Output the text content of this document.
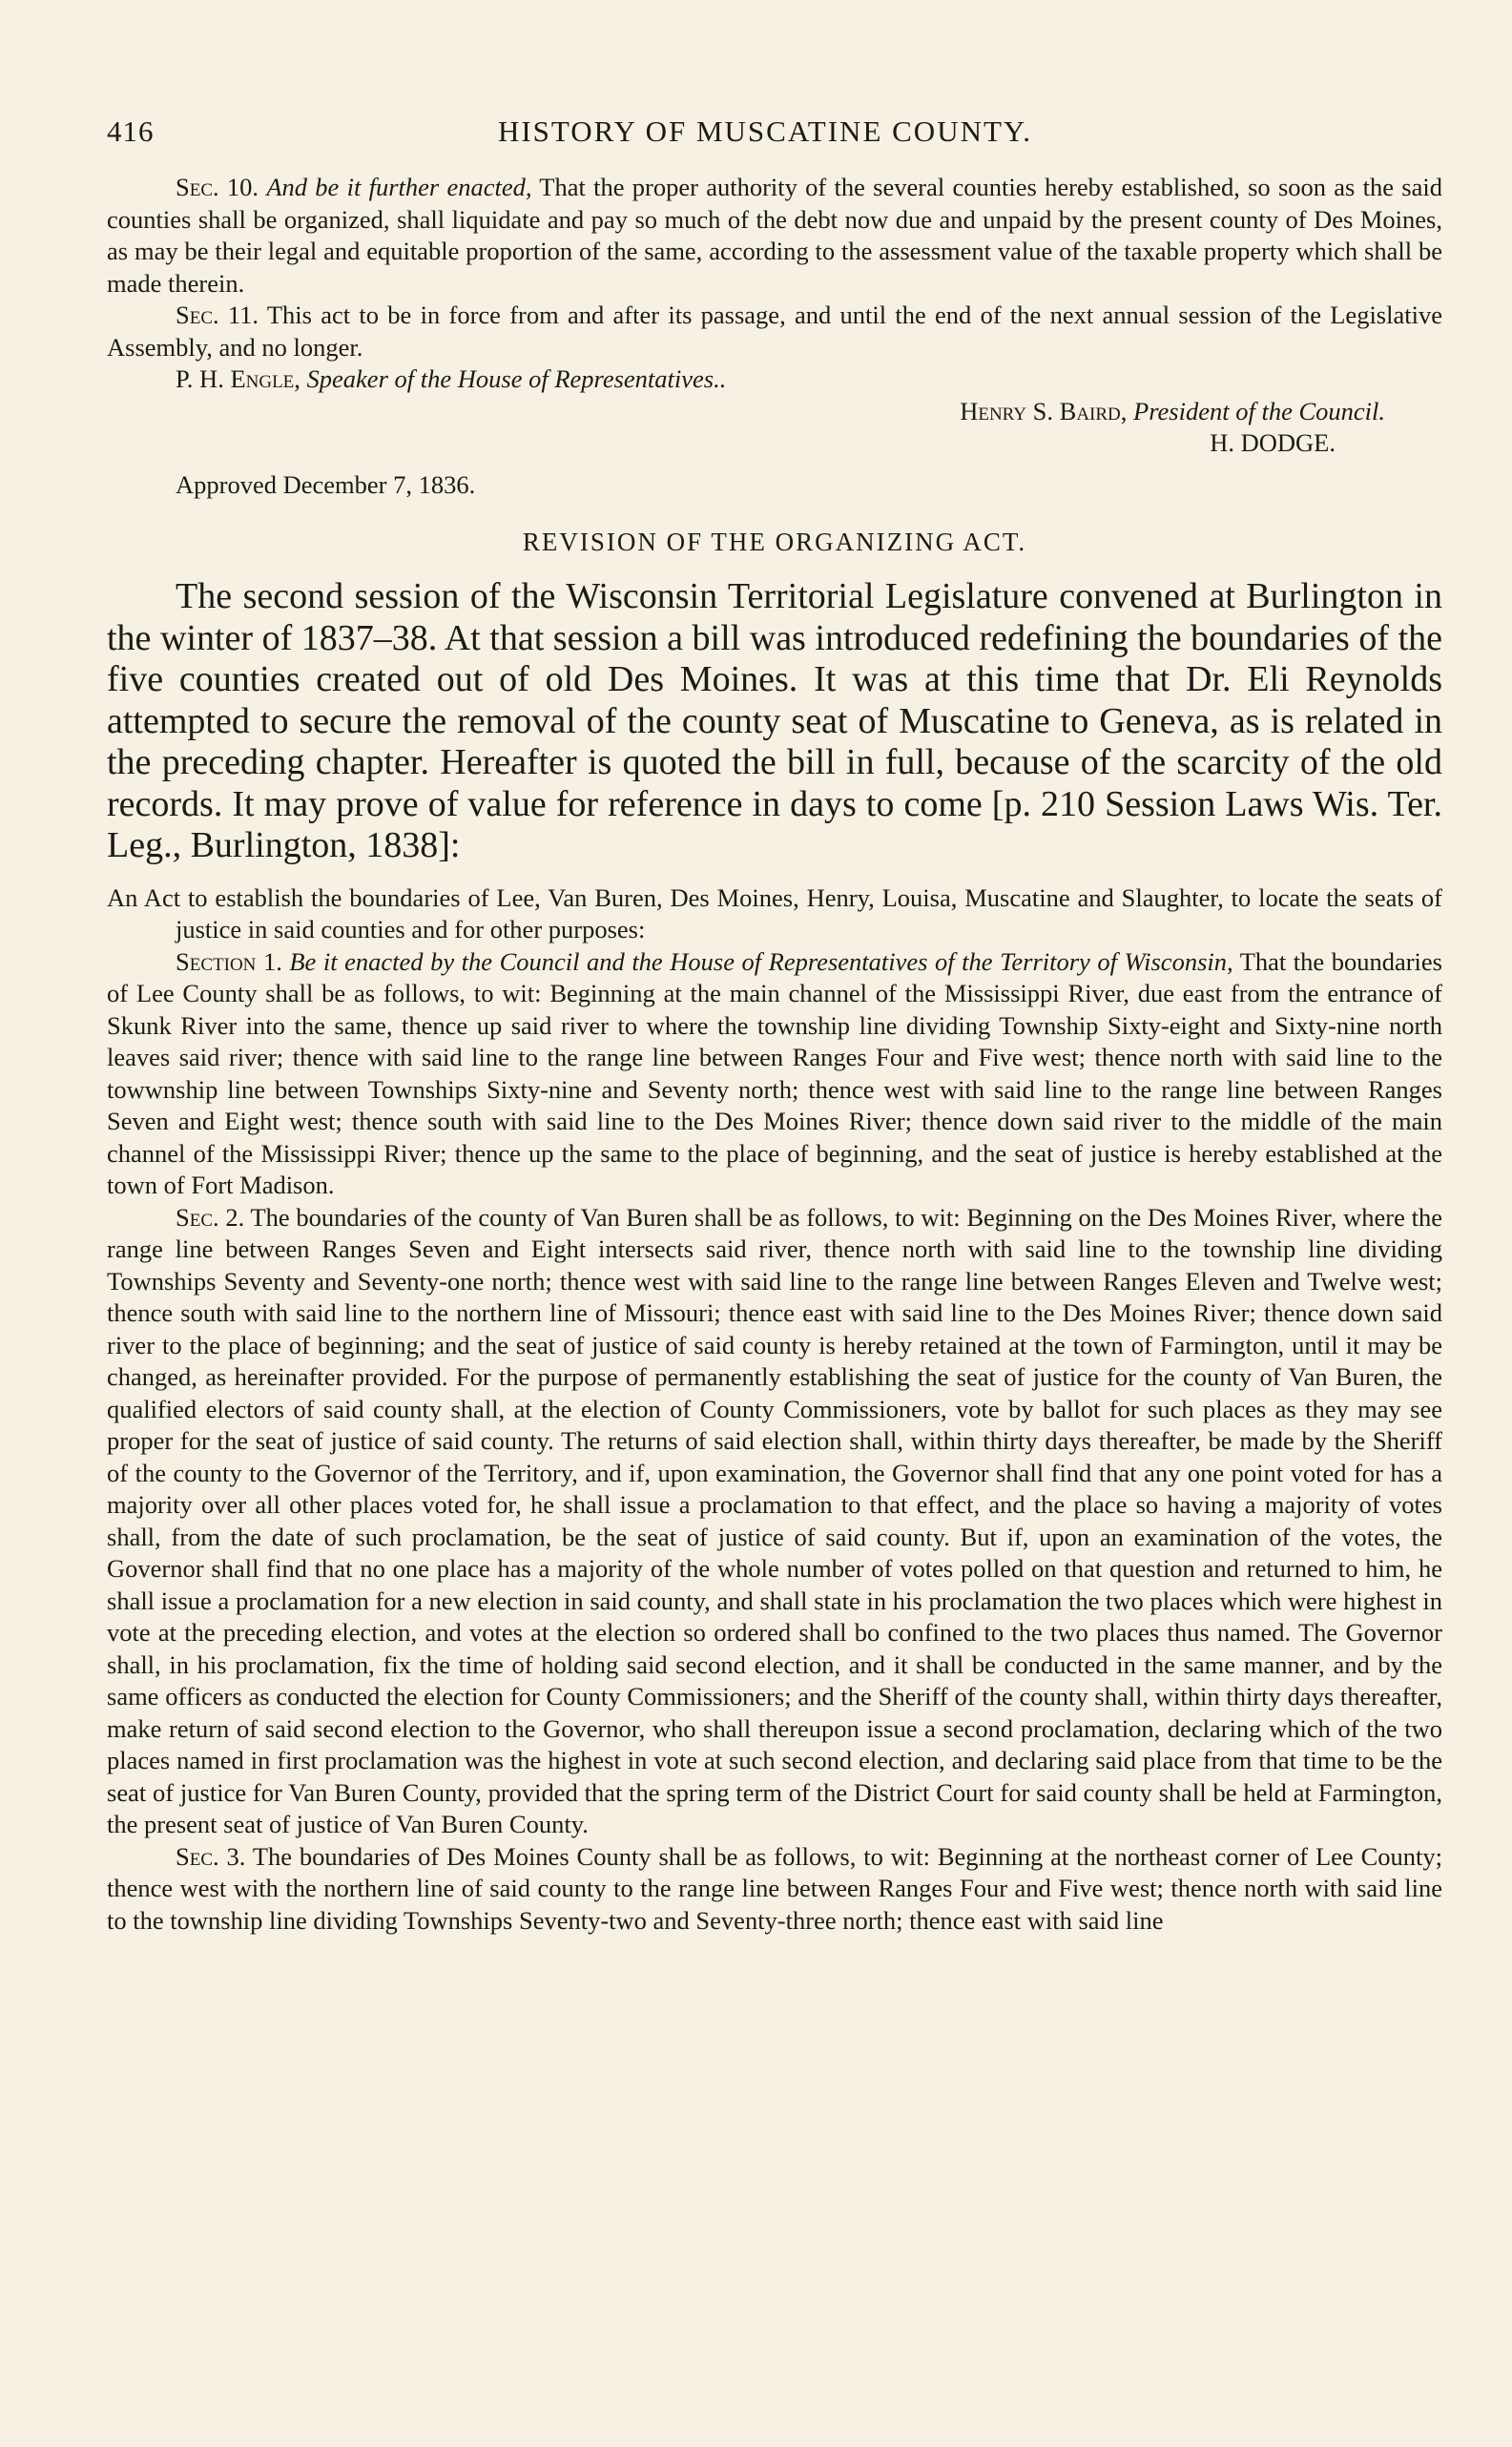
416	HISTORY OF MUSCATINE COUNTY.

Sec. 10. And be it further enacted, That the proper authority of the several counties hereby established, so soon as the said counties shall be organized, shall liquidate and pay so much of the debt now due and unpaid by the present county of Des Moines, as may be their legal and equitable proportion of the same, according to the assessment value of the taxable property which shall be made therein.

Sec. 11. This act to be in force from and after its passage, and until the end of the next annual session of the Legislative Assembly, and no longer.

P. H. Engle, Speaker of the House of Representatives..

Henry S. Baird, President of the Council.

H. DODGE.

Approved December 7, 1836.

REVISION OF THE ORGANIZING ACT.

The second session of the Wisconsin Territorial Legislature convened at Burlington in the winter of 1837–38. At that session a bill was introduced redefining the boundaries of the five counties created out of old Des Moines. It was at this time that Dr. Eli Reynolds attempted to secure the removal of the county seat of Muscatine to Geneva, as is related in the preceding chapter. Hereafter is quoted the bill in full, because of the scarcity of the old records. It may prove of value for reference in days to come [p. 210 Session Laws Wis. Ter. Leg., Burlington, 1838]:

An Act to establish the boundaries of Lee, Van Buren, Des Moines, Henry, Louisa, Muscatine and Slaughter, to locate the seats of justice in said counties and for other purposes:

Section 1. Be it enacted by the Council and the House of Representatives of the Territory of Wisconsin, That the boundaries of Lee County shall be as follows, to wit: Beginning at the main channel of the Mississippi River, due east from the entrance of Skunk River into the same, thence up said river to where the township line dividing Township Sixty-eight and Sixty-nine north leaves said river; thence with said line to the range line between Ranges Four and Five west; thence north with said line to the towwnship line between Townships Sixty-nine and Seventy north; thence west with said line to the range line between Ranges Seven and Eight west; thence south with said line to the Des Moines River; thence down said river to the middle of the main channel of the Mississippi River; thence up the same to the place of beginning, and the seat of justice is hereby established at the town of Fort Madison.

Sec. 2. The boundaries of the county of Van Buren shall be as follows, to wit: Beginning on the Des Moines River, where the range line between Ranges Seven and Eight intersects said river, thence north with said line to the township line dividing Townships Seventy and Seventy-one north; thence west with said line to the range line between Ranges Eleven and Twelve west; thence south with said line to the northern line of Missouri; thence east with said line to the Des Moines River; thence down said river to the place of beginning; and the seat of justice of said county is hereby retained at the town of Farmington, until it may be changed, as hereinafter provided. For the purpose of permanently establishing the seat of justice for the county of Van Buren, the qualified electors of said county shall, at the election of County Commissioners, vote by ballot for such places as they may see proper for the seat of justice of said county. The returns of said election shall, within thirty days thereafter, be made by the Sheriff of the county to the Governor of the Territory, and if, upon examination, the Governor shall find that any one point voted for has a majority over all other places voted for, he shall issue a proclamation to that effect, and the place so having a majority of votes shall, from the date of such proclamation, be the seat of justice of said county. But if, upon an examination of the votes, the Governor shall find that no one place has a majority of the whole number of votes polled on that question and returned to him, he shall issue a proclamation for a new election in said county, and shall state in his proclamation the two places which were highest in vote at the preceding election, and votes at the election so ordered shall bo confined to the two places thus named. The Governor shall, in his proclamation, fix the time of holding said second election, and it shall be conducted in the same manner, and by the same officers as conducted the election for County Commissioners; and the Sheriff of the county shall, within thirty days thereafter, make return of said second election to the Governor, who shall thereupon issue a second proclamation, declaring which of the two places named in first proclamation was the highest in vote at such second election, and declaring said place from that time to be the seat of justice for Van Buren County, provided that the spring term of the District Court for said county shall be held at Farmington, the present seat of justice of Van Buren County.

Sec. 3. The boundaries of Des Moines County shall be as follows, to wit: Beginning at the northeast corner of Lee County; thence west with the northern line of said county to the range line between Ranges Four and Five west; thence north with said line to the township line dividing Townships Seventy-two and Seventy-three north; thence east with said line
